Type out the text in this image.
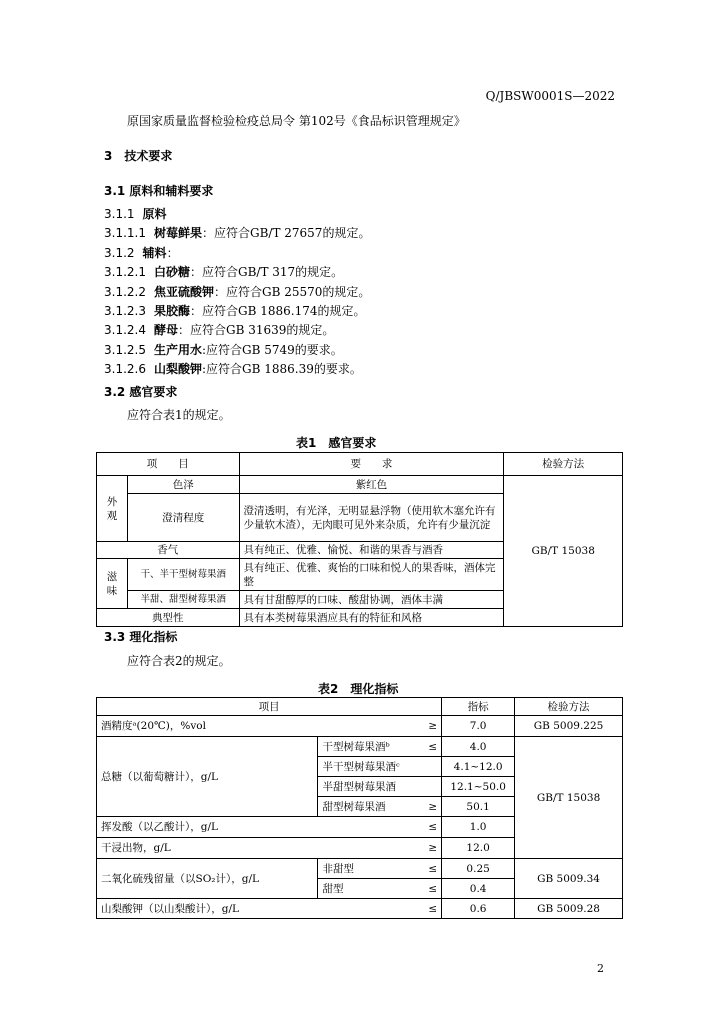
Q/JBSW0001S—2022
原国家质量监督检验检疫总局令 第102号《食品标识管理规定》
3　技术要求
3.1 原料和辅料要求
3.1.1 原料
3.1.1.1 树莓鲜果：应符合GB/T 27657的规定。
3.1.2 辅料：
3.1.2.1 白砂糖：应符合GB/T 317的规定。
3.1.2.2 焦亚硫酸钾：应符合GB 25570的规定。
3.1.2.3 果胶酶：应符合GB 1886.174的规定。
3.1.2.4 酵母：应符合GB 31639的规定。
3.1.2.5 生产用水:应符合GB 5749的要求。
3.1.2.6 山梨酸钾:应符合GB 1886.39的要求。
3.2 感官要求
应符合表1的规定。
表1　感官要求
项　　目		要　　求	检验方法
外观	色泽	紫红色	GB/T 15038
	澄清程度	澄清透明，有光泽，无明显悬浮物（使用软木塞允许有少量软木渣），无肉眼可见外来杂质，允许有少量沉淀	
香气		具有纯正、优雅、愉悦、和谐的果香与酒香	
滋味	干、半干型树莓果酒	具有纯正、优雅、爽怡的口味和悦人的果香味，酒体完整	
	半甜、甜型树莓果酒	具有甘甜醇厚的口味、酸甜协调，酒体丰满	
典型性		具有本类树莓果酒应具有的特征和风格	
3.3 理化指标
应符合表2的规定。
表2　理化指标
项目		指标	检验方法
酒精度ᵃ(20℃)，%vol ≥		7.0	GB 5009.225
总糖（以葡萄糖计），g/L	干型树莓果酒ᵇ ≤	4.0	GB/T 15038
	半干型树莓果酒ᶜ	4.1~12.0	
	半甜型树莓果酒	12.1~50.0	
	甜型树莓果酒 ≥	50.1	
挥发酸（以乙酸计），g/L ≤		1.0	
干浸出物，g/L ≥		12.0	
二氧化硫残留量（以SO₂计），g/L	非甜型 ≤	0.25	GB 5009.34
	甜型 ≤	0.4	
山梨酸钾（以山梨酸计），g/L ≤		0.6	GB 5009.28
2
